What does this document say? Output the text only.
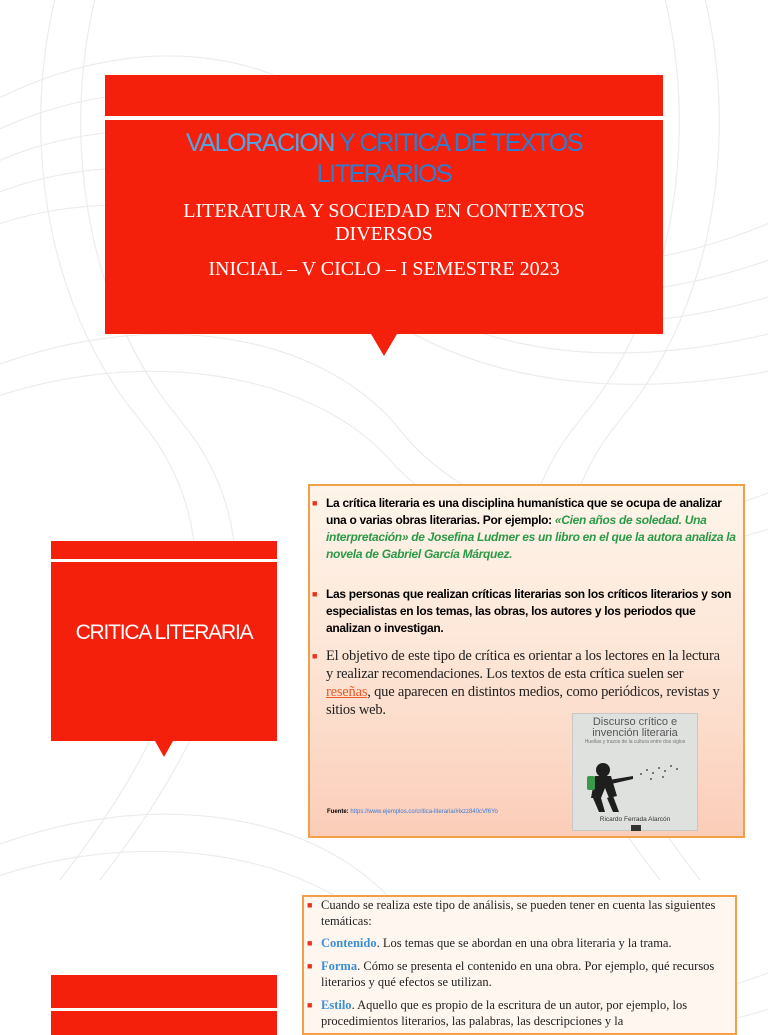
VALORACION Y CRITICA DE TEXTOS
LITERARIOS
LITERATURA Y SOCIEDAD EN CONTEXTOS DIVERSOS
INICIAL – V CICLO – I SEMESTRE 2023
CRITICA LITERARIA
■ La crítica literaria es una disciplina humanística que se ocupa de analizar una o varias obras literarias. Por ejemplo: «Cien años de soledad. Una interpretación» de Josefina Ludmer es un libro en el que la autora analiza la novela de Gabriel García Márquez.
■ Las personas que realizan críticas literarias son los críticos literarios y son especialistas en los temas, las obras, los autores y los periodos que analizan o investigan.
■ El objetivo de este tipo de crítica es orientar a los lectores en la lectura y realizar recomendaciones. Los textos de esta crítica suelen ser reseñas, que aparecen en distintos medios, como periódicos, revistas y sitios web.
Fuente: https://www.ejemplos.co/critica-literaria/#ixzz840cVf6Yo
Discurso crítico e invención literaria
Huellas y trazos de la cultura entre dos siglos
Ricardo Ferrada Alarcón
■ Cuando se realiza este tipo de análisis, se pueden tener en cuenta las siguientes temáticas:
■ Contenido. Los temas que se abordan en una obra literaria y la trama.
■ Forma. Cómo se presenta el contenido en una obra. Por ejemplo, qué recursos literarios y qué efectos se utilizan.
■ Estilo. Aquello que es propio de la escritura de un autor, por ejemplo, los procedimientos literarios, las palabras, las descripciones y la
